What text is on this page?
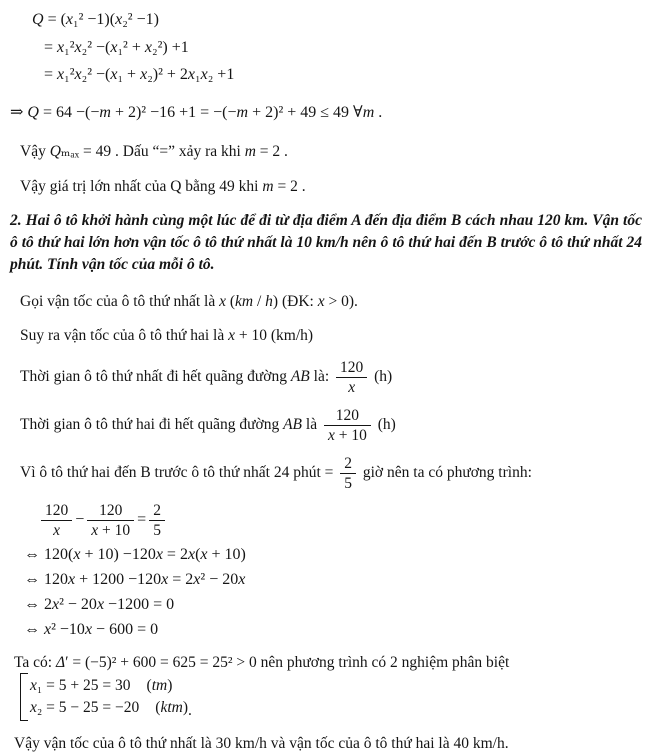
Q = (x₁² −1)(x₂² −1)
= x₁²x₂² −(x₁² + x₂²) +1
= x₁²x₂² −(x₁ + x₂)² + 2x₁x₂ +1
⇒ Q = 64 −(−m + 2)² −16 +1 = −(−m + 2)² + 49 ≤ 49 ∀m .

Vậy Qₘₐₓ = 49 . Dấu “=” xảy ra khi m = 2 .

Vậy giá trị lớn nhất của Q bằng 49 khi m = 2 .

2. Hai ô tô khởi hành cùng một lúc để đi từ địa điểm A đến địa điểm B cách nhau 120 km. Vận tốc ô tô thứ hai lớn hơn vận tốc ô tô thứ nhất là 10 km/h nên ô tô thứ hai đến B trước ô tô thứ nhất 24 phút. Tính vận tốc của mỗi ô tô.

Gọi vận tốc của ô tô thứ nhất là x (km / h) (ĐK: x > 0).

Suy ra vận tốc của ô tô thứ hai là x + 10 (km/h)

Thời gian ô tô thứ nhất đi hết quãng đường AB là: $\frac{120}{x} (h)$

Thời gian ô tô thứ hai đi hết quãng đường AB là $\frac{120}{x + 10} (h)$

Vì ô tô thứ hai đến B trước ô tô thứ nhất 24 phút = $\frac{2}{5}$ giờ nên ta có phương trình:

$\frac{120}{x} - \frac{120}{x + 10} = \frac{2}{5}$

⇔ 120(x + 10) −120x = 2x(x + 10)
⇔ 120x + 1200 −120x = 2x² − 20x
⇔ 2x² − 20x −1200 = 0
⇔ x² −10x − 600 = 0

Ta có: Δ′ = (−5)² + 600 = 625 = 25² > 0 nên phương trình có 2 nghiệm phân biệt
x₁ = 5 + 25 = 30 (tm)
x₂ = 5 − 25 = −20 (ktm) .

Vậy vận tốc của ô tô thứ nhất là 30 km/h và vận tốc của ô tô thứ hai là 40 km/h.
